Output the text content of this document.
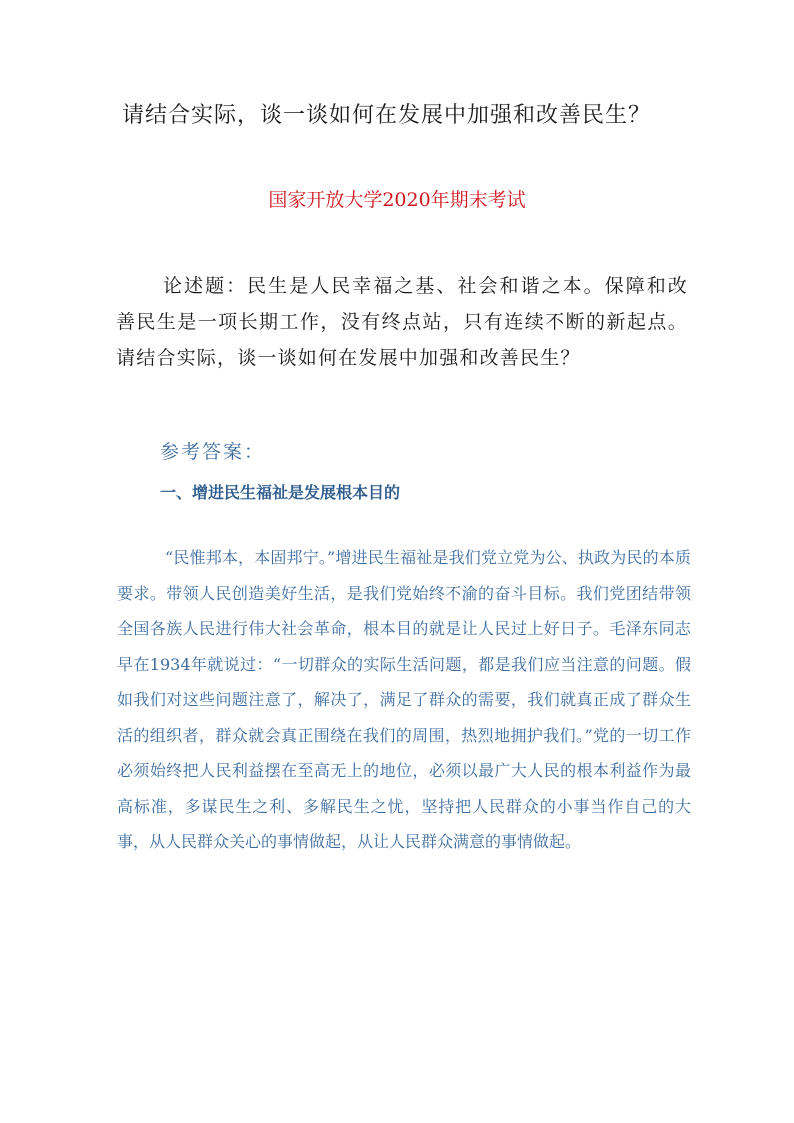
请结合实际，谈一谈如何在发展中加强和改善民生？
国家开放大学2020年期末考试
论述题：民生是人民幸福之基、社会和谐之本。保障和改善民生是一项长期工作，没有终点站，只有连续不断的新起点。请结合实际，谈一谈如何在发展中加强和改善民生？
参考答案：
一、增进民生福祉是发展根本目的
“民惟邦本，本固邦宁。”增进民生福祉是我们党立党为公、执政为民的本质要求。带领人民创造美好生活，是我们党始终不渝的奋斗目标。我们党团结带领全国各族人民进行伟大社会革命，根本目的就是让人民过上好日子。毛泽东同志早在1934年就说过：“一切群众的实际生活问题，都是我们应当注意的问题。假如我们对这些问题注意了，解决了，满足了群众的需要，我们就真正成了群众生活的组织者，群众就会真正围绕在我们的周围，热烈地拥护我们。”党的一切工作必须始终把人民利益摆在至高无上的地位，必须以最广大人民的根本利益作为最高标准，多谋民生之利、多解民生之忧，坚持把人民群众的小事当作自己的大事，从人民群众关心的事情做起，从让人民群众满意的事情做起。
